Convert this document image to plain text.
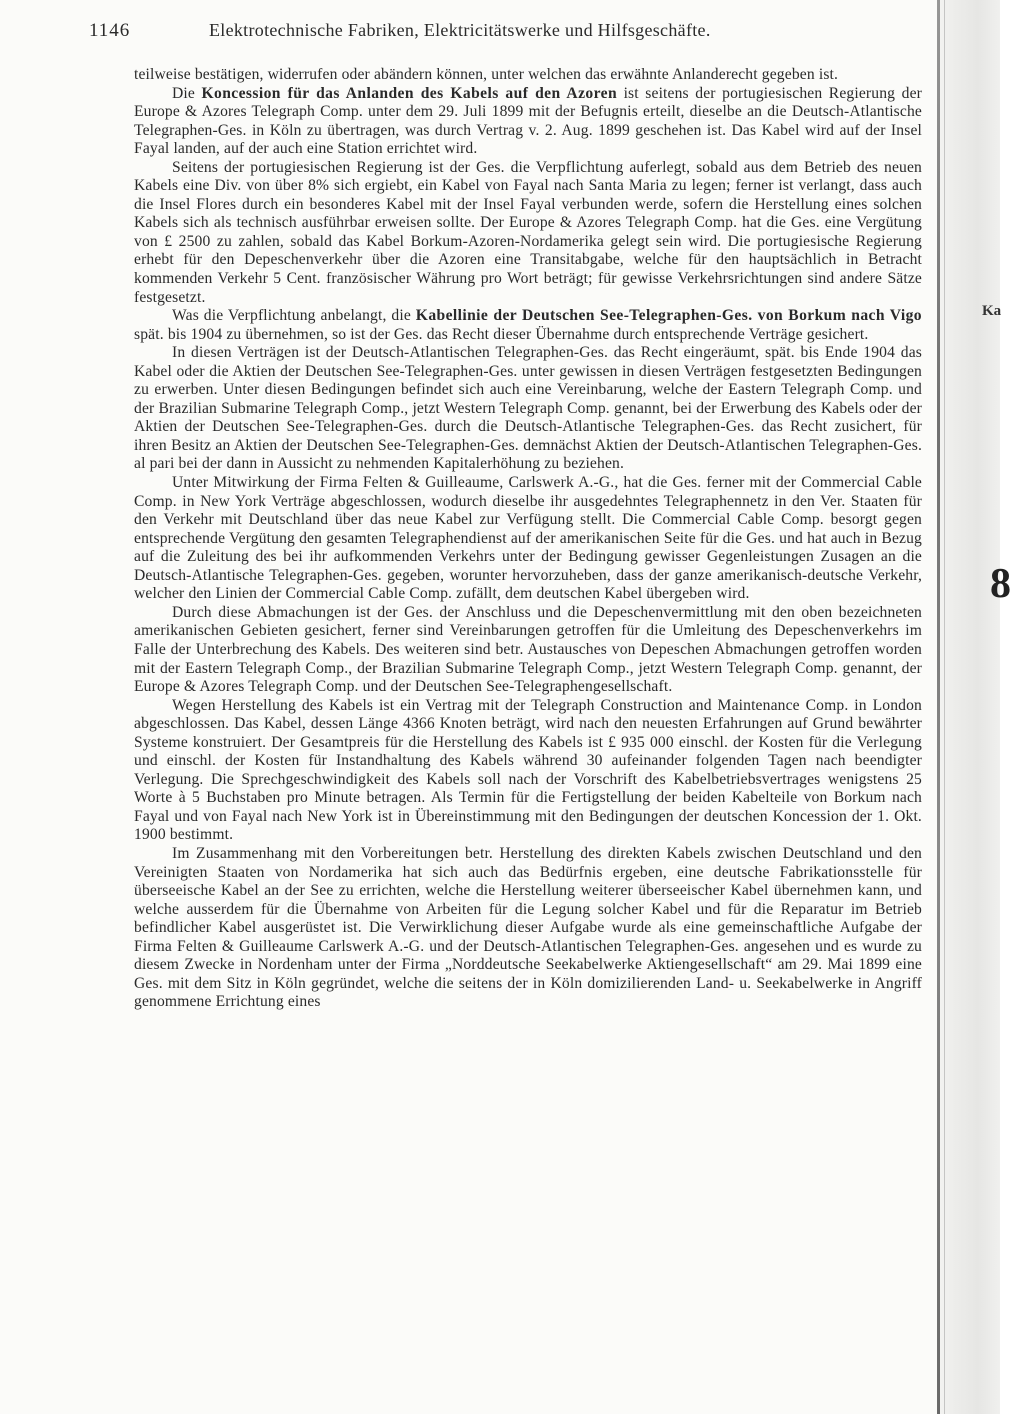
Ka
8
1146	Elektrotechnische Fabriken, Elektricitätswerke und Hilfsgeschäfte.

teilweise bestätigen, widerrufen oder abändern können, unter welchen das erwähnte Anlanderecht gegeben ist.

Die Koncession für das Anlanden des Kabels auf den Azoren ist seitens der portugiesischen Regierung der Europe & Azores Telegraph Comp. unter dem 29. Juli 1899 mit der Befugnis erteilt, dieselbe an die Deutsch-Atlantische Telegraphen-Ges. in Köln zu übertragen, was durch Vertrag v. 2. Aug. 1899 geschehen ist. Das Kabel wird auf der Insel Fayal landen, auf der auch eine Station errichtet wird.

Seitens der portugiesischen Regierung ist der Ges. die Verpflichtung auferlegt, sobald aus dem Betrieb des neuen Kabels eine Div. von über 8% sich ergiebt, ein Kabel von Fayal nach Santa Maria zu legen; ferner ist verlangt, dass auch die Insel Flores durch ein besonderes Kabel mit der Insel Fayal verbunden werde, sofern die Herstellung eines solchen Kabels sich als technisch ausführbar erweisen sollte. Der Europe & Azores Telegraph Comp. hat die Ges. eine Vergütung von £ 2500 zu zahlen, sobald das Kabel Borkum-Azoren-Nordamerika gelegt sein wird. Die portugiesische Regierung erhebt für den Depeschenverkehr über die Azoren eine Transitabgabe, welche für den hauptsächlich in Betracht kommenden Verkehr 5 Cent. französischer Währung pro Wort beträgt; für gewisse Verkehrsrichtungen sind andere Sätze festgesetzt.

Was die Verpflichtung anbelangt, die Kabellinie der Deutschen See-Telegraphen-Ges. von Borkum nach Vigo spät. bis 1904 zu übernehmen, so ist der Ges. das Recht dieser Übernahme durch entsprechende Verträge gesichert.

In diesen Verträgen ist der Deutsch-Atlantischen Telegraphen-Ges. das Recht eingeräumt, spät. bis Ende 1904 das Kabel oder die Aktien der Deutschen See-Telegraphen-Ges. unter gewissen in diesen Verträgen festgesetzten Bedingungen zu erwerben. Unter diesen Bedingungen befindet sich auch eine Vereinbarung, welche der Eastern Telegraph Comp. und der Brazilian Submarine Telegraph Comp., jetzt Western Telegraph Comp. genannt, bei der Erwerbung des Kabels oder der Aktien der Deutschen See-Telegraphen-Ges. durch die Deutsch-Atlantische Telegraphen-Ges. das Recht zusichert, für ihren Besitz an Aktien der Deutschen See-Telegraphen-Ges. demnächst Aktien der Deutsch-Atlantischen Telegraphen-Ges. al pari bei der dann in Aussicht zu nehmenden Kapitalerhöhung zu beziehen.

Unter Mitwirkung der Firma Felten & Guilleaume, Carlswerk A.-G., hat die Ges. ferner mit der Commercial Cable Comp. in New York Verträge abgeschlossen, wodurch dieselbe ihr ausgedehntes Telegraphennetz in den Ver. Staaten für den Verkehr mit Deutschland über das neue Kabel zur Verfügung stellt. Die Commercial Cable Comp. besorgt gegen entsprechende Vergütung den gesamten Telegraphendienst auf der amerikanischen Seite für die Ges. und hat auch in Bezug auf die Zuleitung des bei ihr aufkommenden Verkehrs unter der Bedingung gewisser Gegenleistungen Zusagen an die Deutsch-Atlantische Telegraphen-Ges. gegeben, worunter hervorzuheben, dass der ganze amerikanisch-deutsche Verkehr, welcher den Linien der Commercial Cable Comp. zufällt, dem deutschen Kabel übergeben wird.

Durch diese Abmachungen ist der Ges. der Anschluss und die Depeschenvermittlung mit den oben bezeichneten amerikanischen Gebieten gesichert, ferner sind Vereinbarungen getroffen für die Umleitung des Depeschenverkehrs im Falle der Unterbrechung des Kabels. Des weiteren sind betr. Austausches von Depeschen Abmachungen getroffen worden mit der Eastern Telegraph Comp., der Brazilian Submarine Telegraph Comp., jetzt Western Telegraph Comp. genannt, der Europe & Azores Telegraph Comp. und der Deutschen See-Telegraphengesellschaft.

Wegen Herstellung des Kabels ist ein Vertrag mit der Telegraph Construction and Maintenance Comp. in London abgeschlossen. Das Kabel, dessen Länge 4366 Knoten beträgt, wird nach den neuesten Erfahrungen auf Grund bewährter Systeme konstruiert. Der Gesamtpreis für die Herstellung des Kabels ist £ 935 000 einschl. der Kosten für die Verlegung und einschl. der Kosten für Instandhaltung des Kabels während 30 aufeinander folgenden Tagen nach beendigter Verlegung. Die Sprechgeschwindigkeit des Kabels soll nach der Vorschrift des Kabelbetriebsvertrages wenigstens 25 Worte à 5 Buchstaben pro Minute betragen. Als Termin für die Fertigstellung der beiden Kabelteile von Borkum nach Fayal und von Fayal nach New York ist in Übereinstimmung mit den Bedingungen der deutschen Koncession der 1. Okt. 1900 bestimmt.

Im Zusammenhang mit den Vorbereitungen betr. Herstellung des direkten Kabels zwischen Deutschland und den Vereinigten Staaten von Nordamerika hat sich auch das Bedürfnis ergeben, eine deutsche Fabrikationsstelle für überseeische Kabel an der See zu errichten, welche die Herstellung weiterer überseeischer Kabel übernehmen kann, und welche ausserdem für die Übernahme von Arbeiten für die Legung solcher Kabel und für die Reparatur im Betrieb befindlicher Kabel ausgerüstet ist. Die Verwirklichung dieser Aufgabe wurde als eine gemeinschaftliche Aufgabe der Firma Felten & Guilleaume Carlswerk A.-G. und der Deutsch-Atlantischen Telegraphen-Ges. angesehen und es wurde zu diesem Zwecke in Nordenham unter der Firma „Norddeutsche Seekabelwerke Aktiengesellschaft“ am 29. Mai 1899 eine Ges. mit dem Sitz in Köln gegründet, welche die seitens der in Köln domizilierenden Land- u. Seekabelwerke in Angriff genommene Errichtung eines
